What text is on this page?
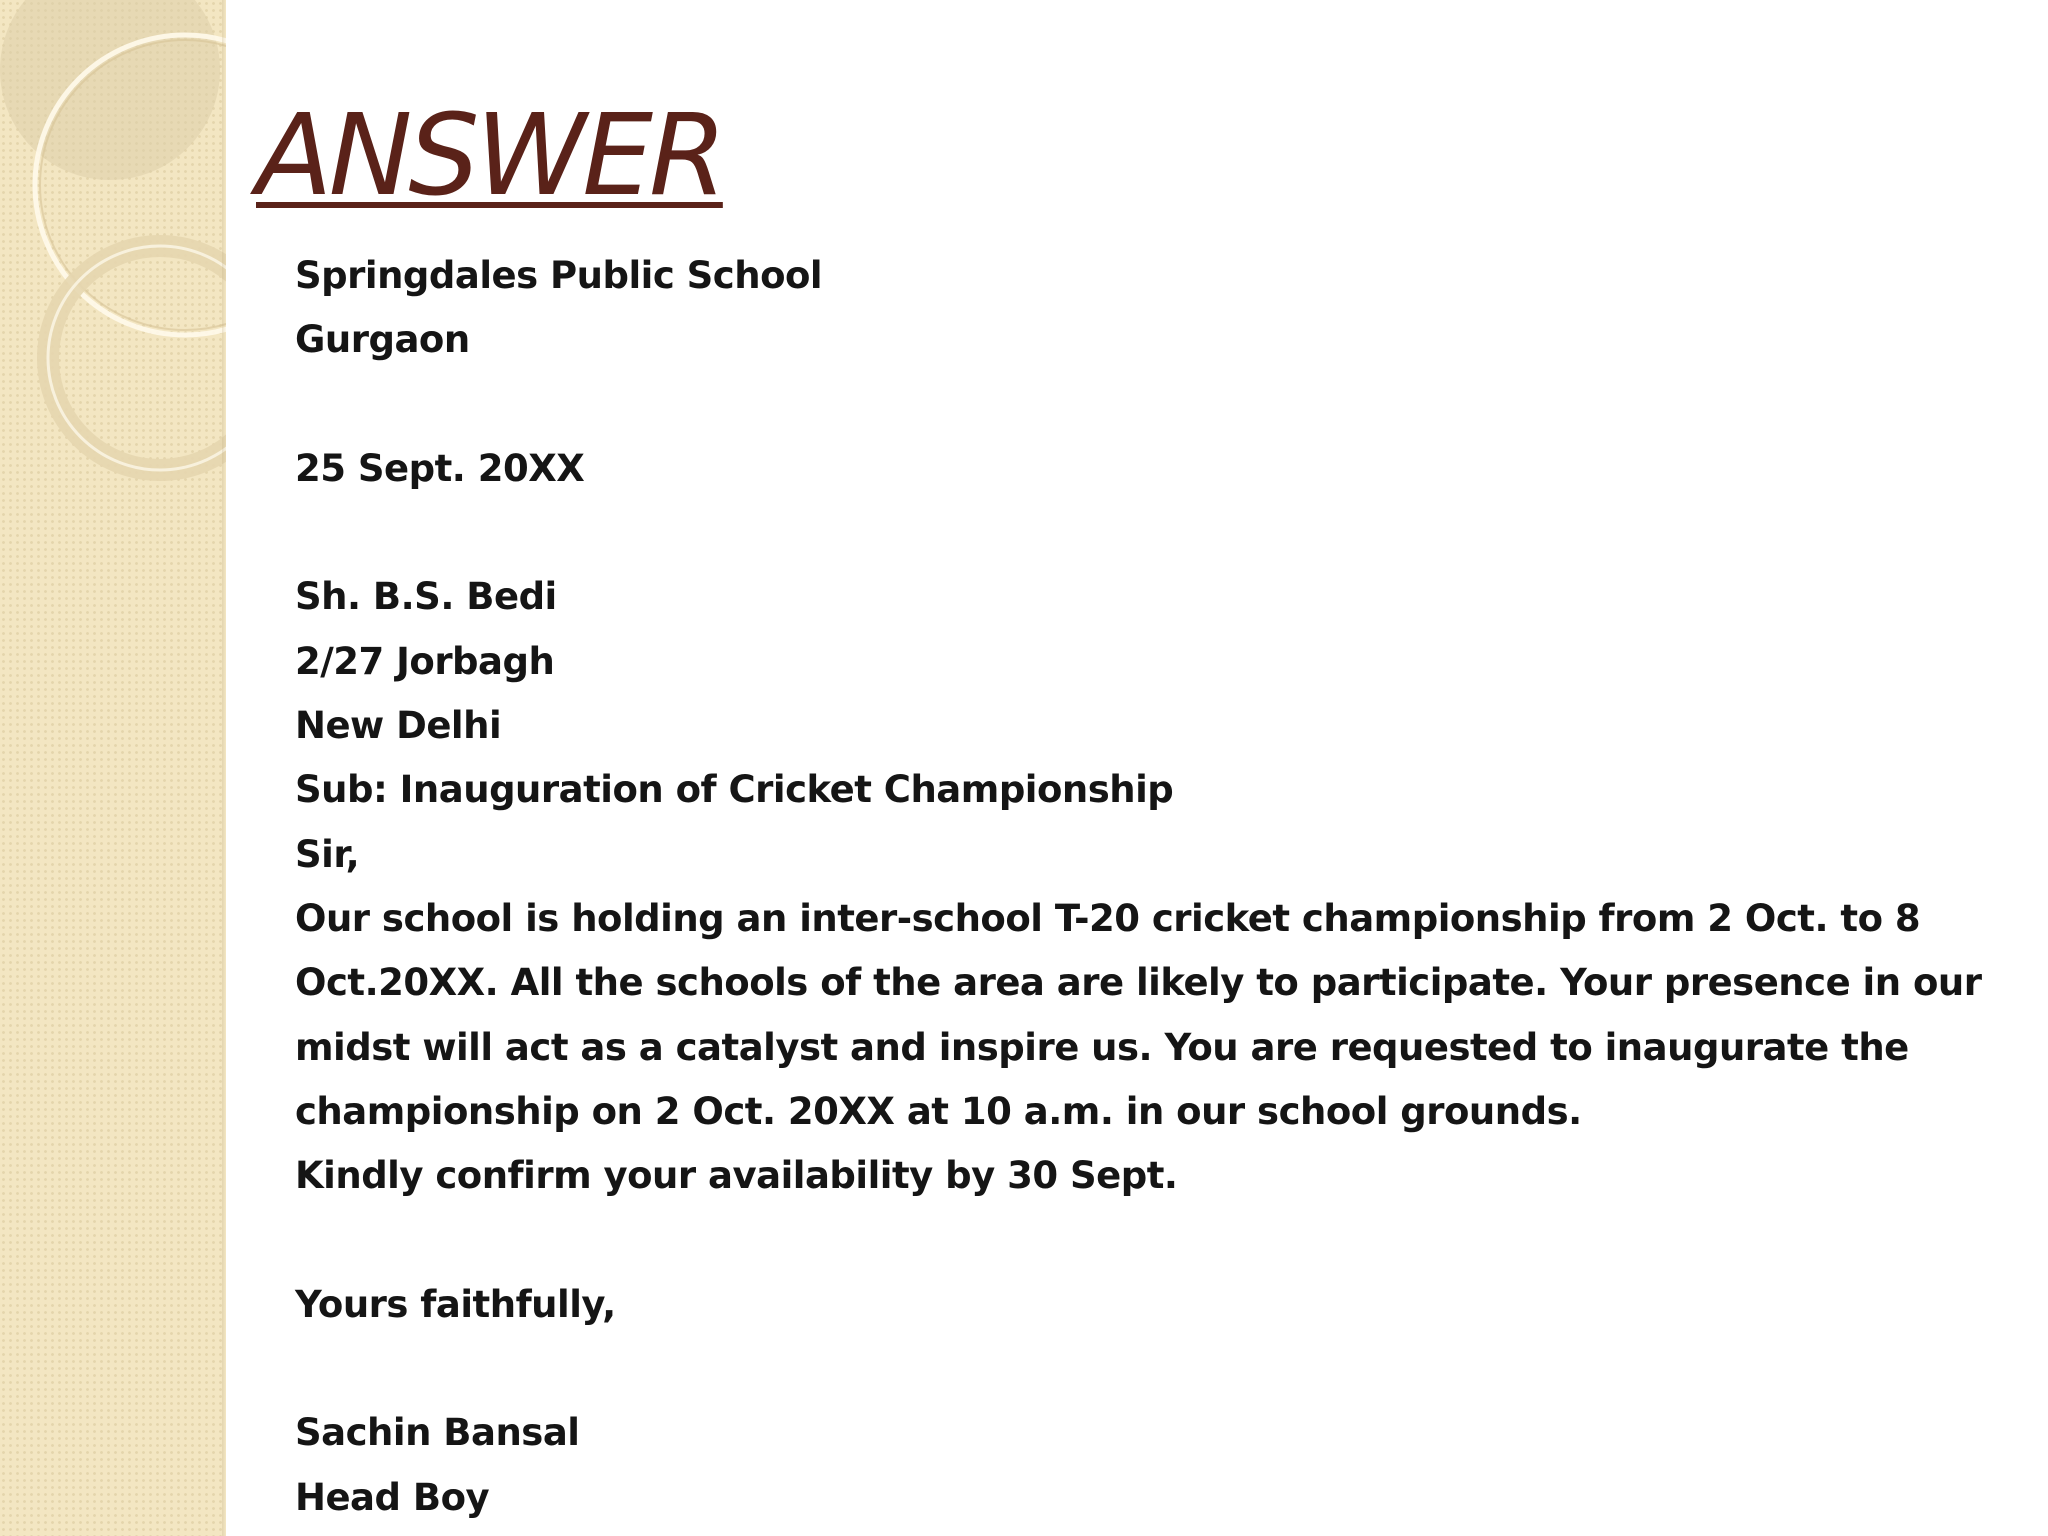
ANSWER
Springdales Public School
Gurgaon
25 Sept. 20XX
Sh. B.S. Bedi
2/27 Jorbagh
New Delhi
Sub: Inauguration of Cricket Championship
Sir,
Our school is holding an inter-school T-20 cricket championship from 2 Oct. to 8
Oct.20XX. All the schools of the area are likely to participate. Your presence in our
midst will act as a catalyst and inspire us. You are requested to inaugurate the
championship on 2 Oct. 20XX at 10 a.m. in our school grounds.
Kindly confirm your availability by 30 Sept.
Yours faithfully,
Sachin Bansal
Head Boy
